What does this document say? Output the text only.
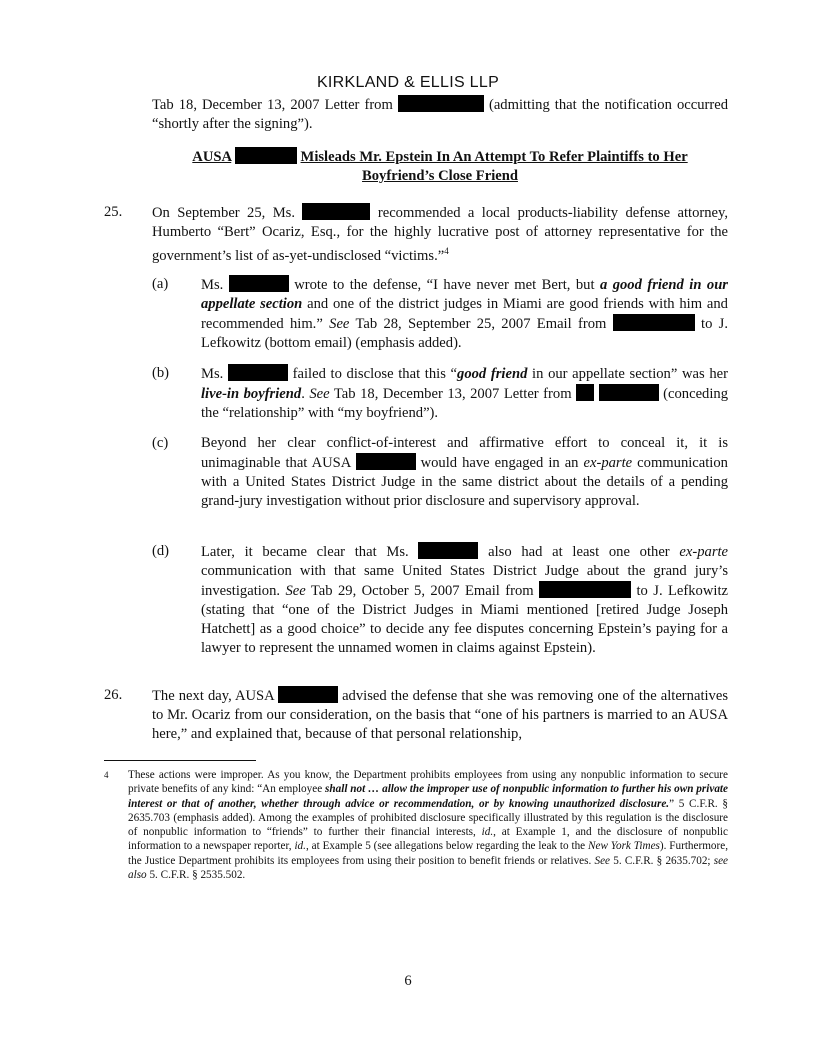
KIRKLAND & ELLIS LLP
Tab 18, December 13, 2007 Letter from	(admitting that the notification occurred “shortly after the signing”).
AUSA	Misleads Mr. Epstein In An Attempt To Refer Plaintiffs to Her
Boyfriend’s Close Friend
25. On September 25, Ms.	recommended a local products-liability defense attorney, Humberto “Bert” Ocariz, Esq., for the highly lucrative post of attorney representative for the government’s list of as-yet-undisclosed “victims.”$^4$
(a) Ms.	wrote to the defense, “I have never met Bert, but a good friend in our appellate section and one of the district judges in Miami are good friends with him and recommended him.” See Tab 28, September 25, 2007 Email from	to J. Lefkowitz (bottom email) (emphasis added).
(b) Ms.	failed to disclose that this “good friend in our appellate section” was her live-in boyfriend. See Tab 18, December 13, 2007 Letter from	(conceding the “relationship” with “my boyfriend”).
(c) Beyond her clear conflict-of-interest and affirmative effort to conceal it, it is unimaginable that AUSA	would have engaged in an ex-parte communication with a United States District Judge in the same district about the details of a pending grand-jury investigation without prior disclosure and supervisory approval.
(d) Later, it became clear that Ms.	also had at least one other ex-parte communication with that same United States District Judge about the grand jury’s investigation. See Tab 29, October 5, 2007 Email from	to J. Lefkowitz (stating that “one of the District Judges in Miami mentioned [retired Judge Joseph Hatchett] as a good choice” to decide any fee disputes concerning Epstein’s paying for a lawyer to represent the unnamed women in claims against Epstein).
26. The next day, AUSA	advised the defense that she was removing one of the alternatives to Mr. Ocariz from our consideration, on the basis that “one of his partners is married to an AUSA here,” and explained that, because of that personal relationship,
$^4$ These actions were improper. As you know, the Department prohibits employees from using any nonpublic information to secure private benefits of any kind: “An employee shall not … allow the improper use of nonpublic information to further his own private interest or that of another, whether through advice or recommendation, or by knowing unauthorized disclosure.” 5 C.F.R. § 2635.703 (emphasis added). Among the examples of prohibited disclosure specifically illustrated by this regulation is the disclosure of nonpublic information to “friends” to further their financial interests, id., at Example 1, and the disclosure of nonpublic information to a newspaper reporter, id., at Example 5 (see allegations below regarding the leak to the New York Times). Furthermore, the Justice Department prohibits its employees from using their position to benefit friends or relatives. See 5. C.F.R. § 2635.702; see also 5. C.F.R. § 2535.502.
6
